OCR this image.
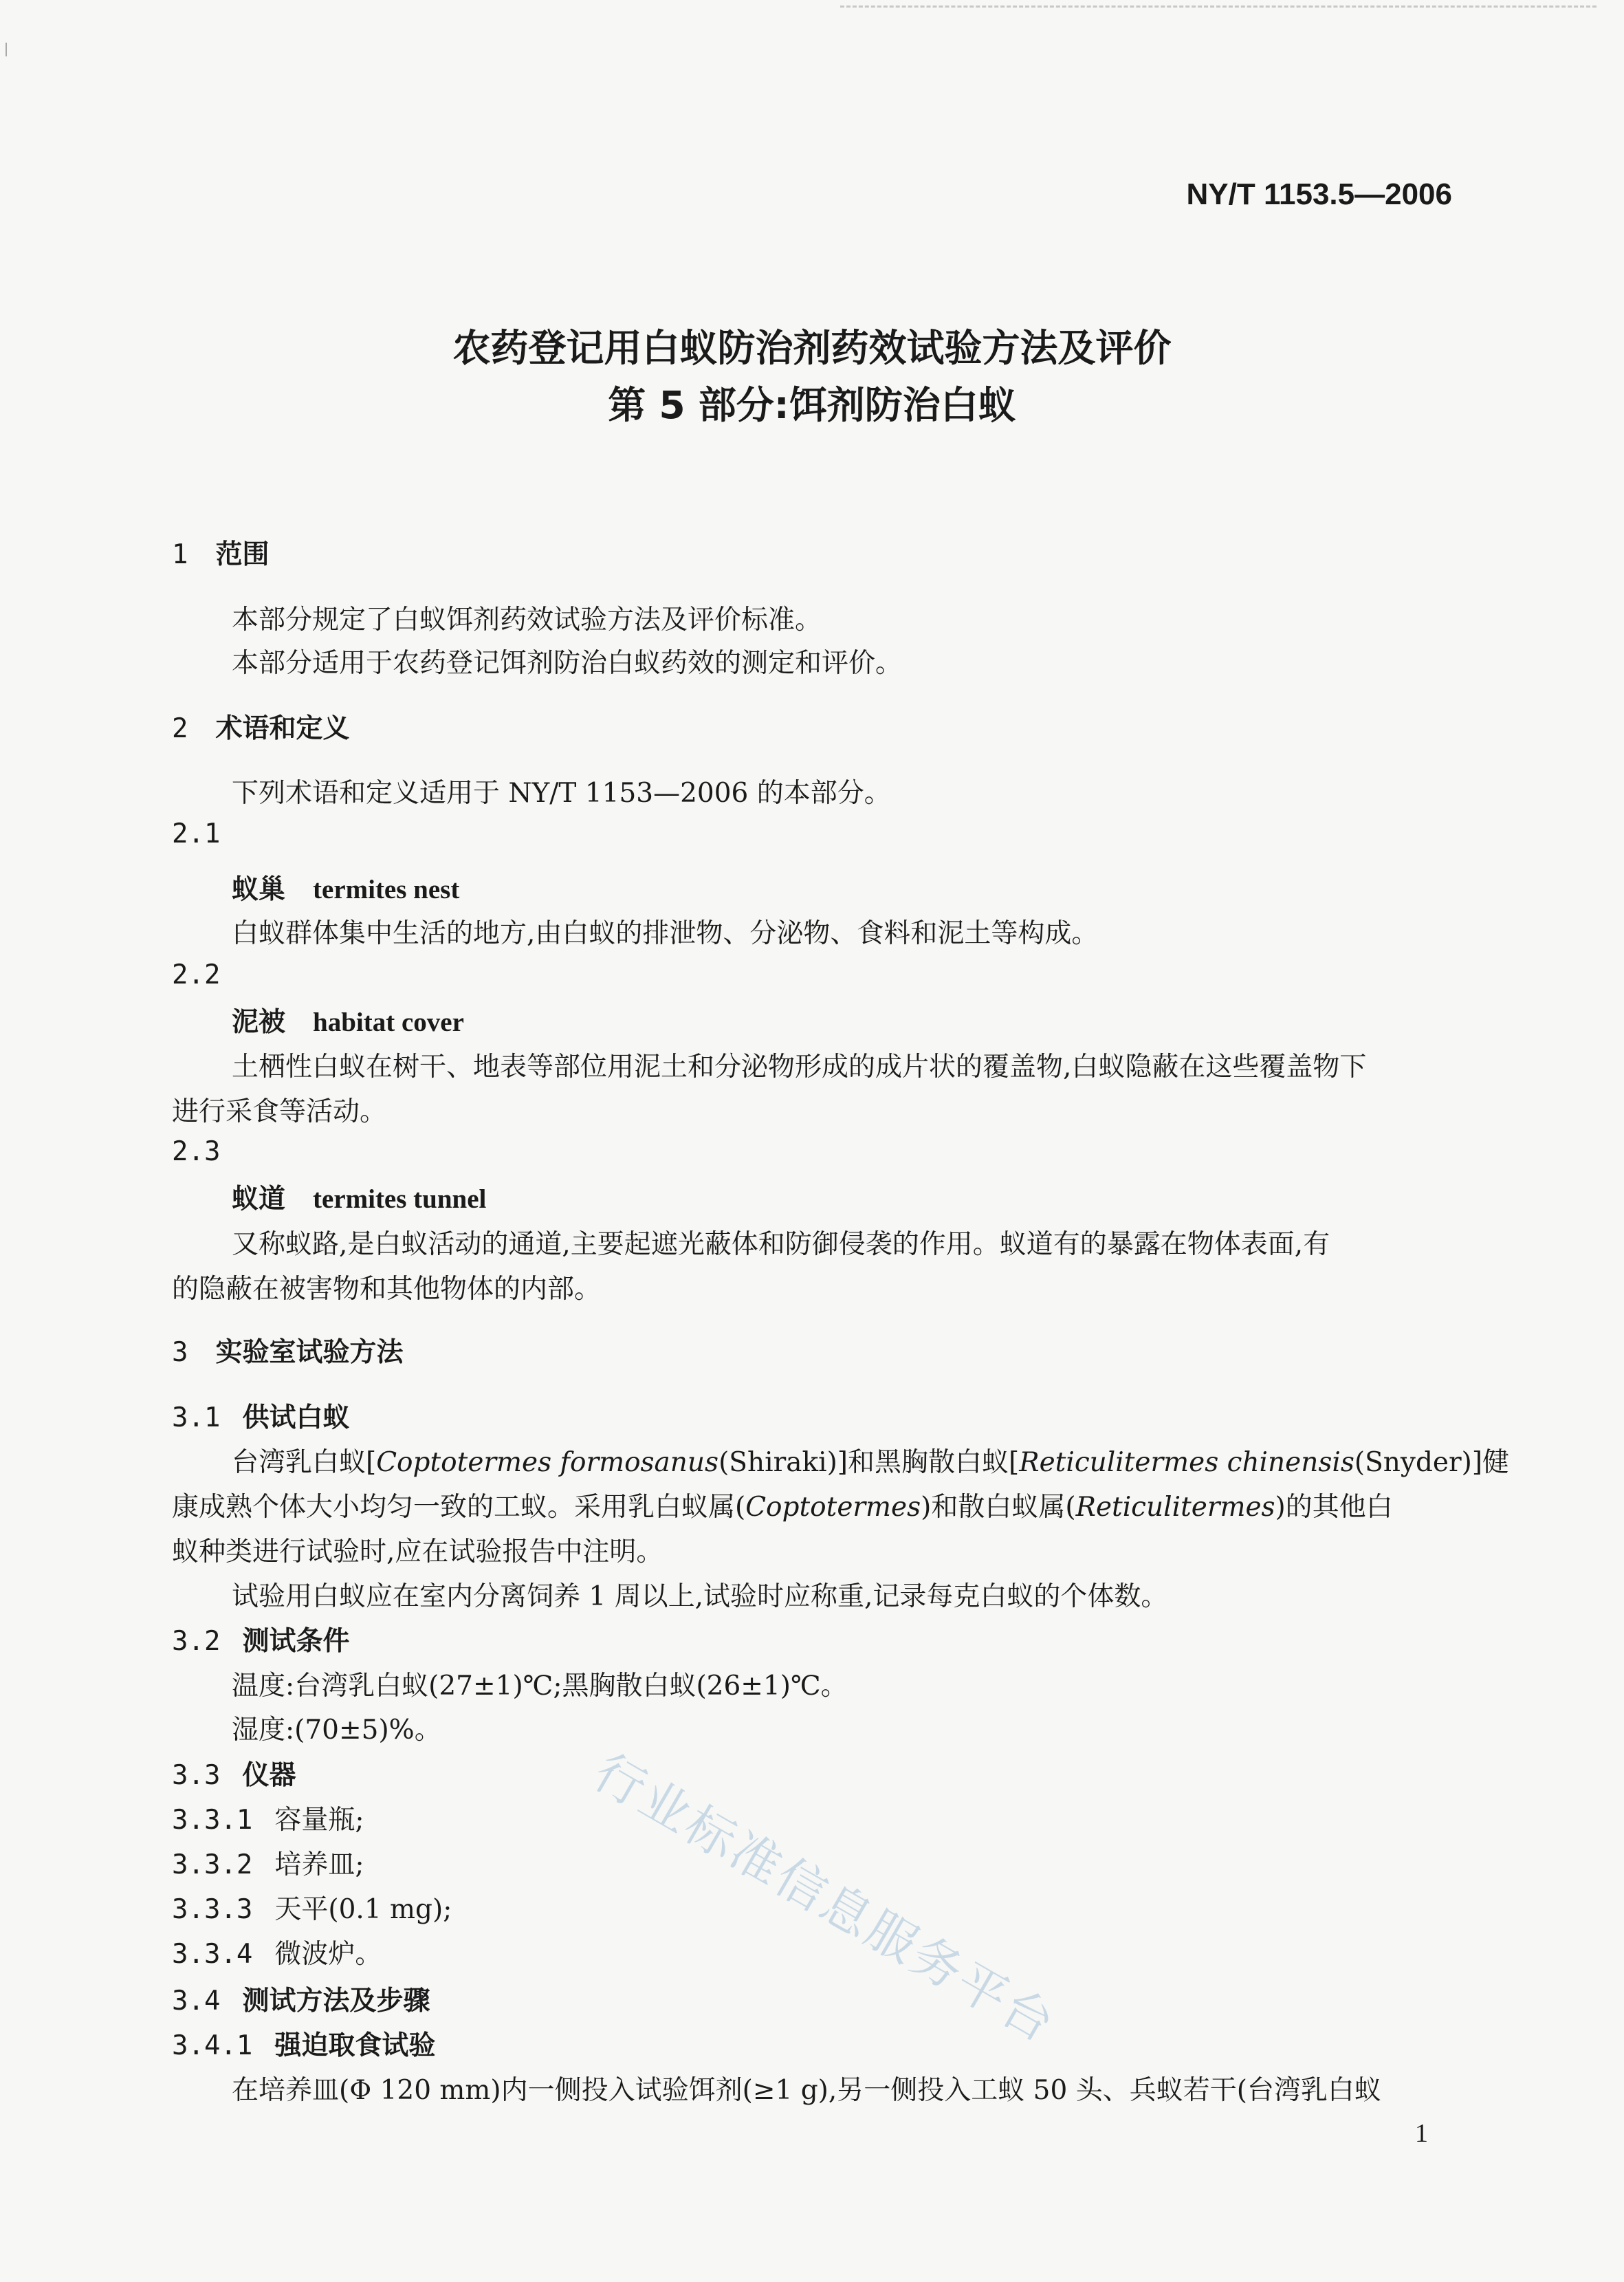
NY/T 1153.5—2006
农药登记用白蚁防治剂药效试验方法及评价
第 5 部分:饵剂防治白蚁
1 范围
本部分规定了白蚁饵剂药效试验方法及评价标准。
本部分适用于农药登记饵剂防治白蚁药效的测定和评价。
2 术语和定义
下列术语和定义适用于 NY/T 1153—2006 的本部分。
2.1
蚁巢 termites nest
白蚁群体集中生活的地方,由白蚁的排泄物、分泌物、食料和泥土等构成。
2.2
泥被 habitat cover
土栖性白蚁在树干、地表等部位用泥土和分泌物形成的成片状的覆盖物,白蚁隐蔽在这些覆盖物下
进行采食等活动。
2.3
蚁道 termites tunnel
又称蚁路,是白蚁活动的通道,主要起遮光蔽体和防御侵袭的作用。蚁道有的暴露在物体表面,有
的隐蔽在被害物和其他物体的内部。
3 实验室试验方法
3.1 供试白蚁
台湾乳白蚁[Coptotermes formosanus(Shiraki)]和黑胸散白蚁[Reticulitermes chinensis(Snyder)]健
康成熟个体大小均匀一致的工蚁。采用乳白蚁属(Coptotermes)和散白蚁属(Reticulitermes)的其他白
蚁种类进行试验时,应在试验报告中注明。
试验用白蚁应在室内分离饲养 1 周以上,试验时应称重,记录每克白蚁的个体数。
3.2 测试条件
温度:台湾乳白蚁(27±1)℃;黑胸散白蚁(26±1)℃。
湿度:(70±5)%。
3.3 仪器
3.3.1 容量瓶;
3.3.2 培养皿;
3.3.3 天平(0.1 mg);
3.3.4 微波炉。
3.4 测试方法及步骤
3.4.1 强迫取食试验
在培养皿(Φ 120 mm)内一侧投入试验饵剂(≥1 g),另一侧投入工蚁 50 头、兵蚁若干(台湾乳白蚁
1
行业标准信息服务平台
